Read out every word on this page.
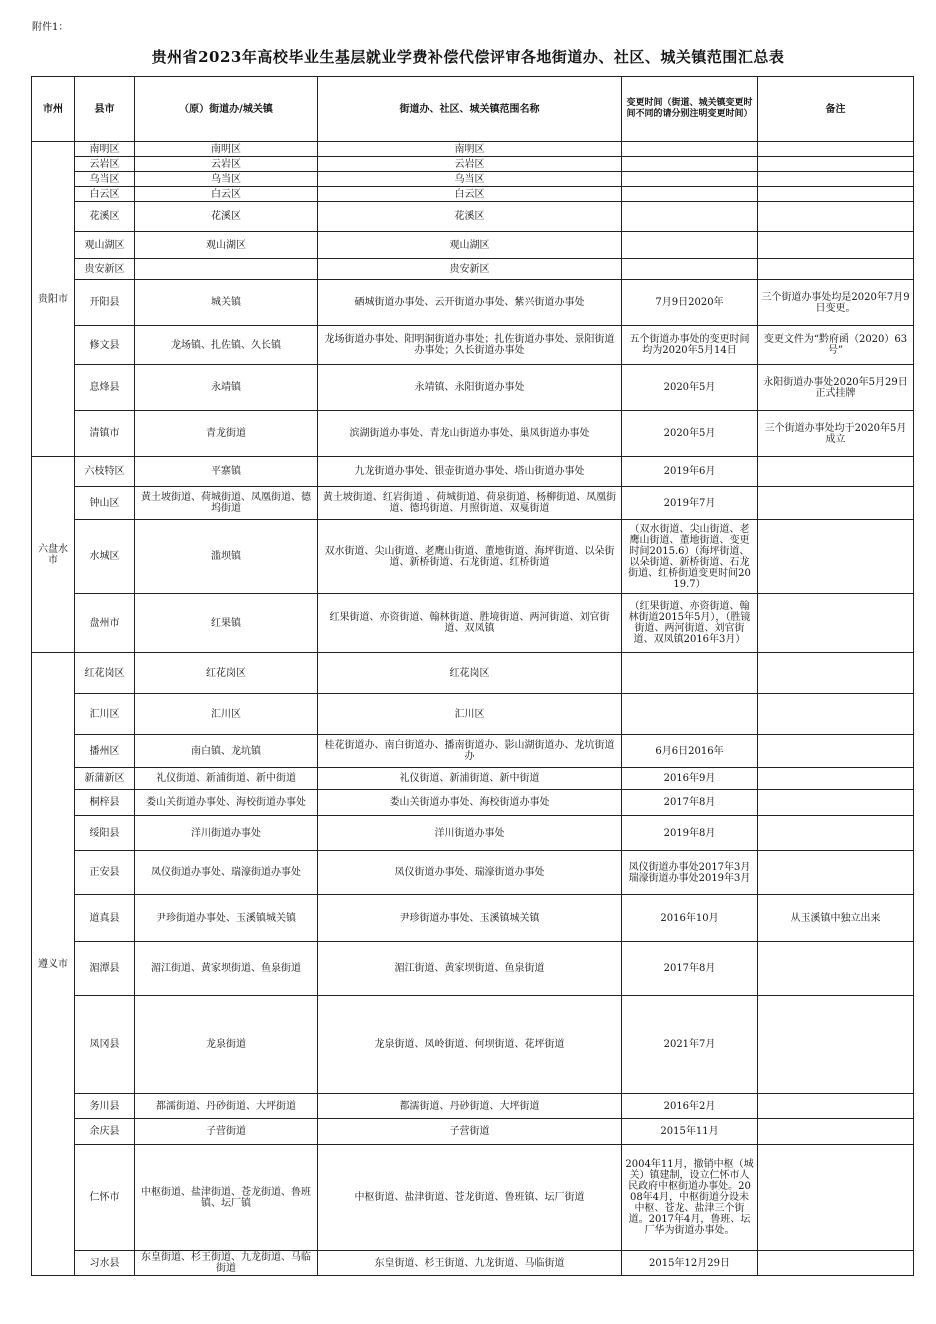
附件1：
贵州省2023年高校毕业生基层就业学费补偿代偿评审各地街道办、社区、城关镇范围汇总表
市州	县市	（原）街道办/城关镇	街道办、社区、城关镇范围名称	变更时间（街道、城关镇变更时间不同的请分别注明变更时间）	备注
贵阳市	南明区	南明区	南明区		
	云岩区	云岩区	云岩区		
	乌当区	乌当区	乌当区		
	白云区	白云区	白云区		
	花溪区	花溪区	花溪区		
	观山湖区	观山湖区	观山湖区		
	贵安新区		贵安新区		
	开阳县	城关镇	硒城街道办事处、云开街道办事处、紫兴街道办事处	7月9日2020年	三个街道办事处均是2020年7月9日变更。
	修文县	龙场镇、扎佐镇、久长镇	龙场街道办事处、阳明洞街道办事处；扎佐街道办事处、景阳街道办事处；久长街道办事处	五个街道办事处的变更时间均为2020年5月14日	变更文件为“黔府函（2020）63号”
	息烽县	永靖镇	永靖镇、永阳街道办事处	2020年5月	永阳街道办事处2020年5月29日正式挂牌
	清镇市	青龙街道	滨湖街道办事处、青龙山街道办事处、巢凤街道办事处	2020年5月	三个街道办事处均于2020年5月成立
六盘水市	六枝特区	平寨镇	九龙街道办事处、银壶街道办事处、塔山街道办事处	2019年6月	
	钟山区	黄土坡街道、荷城街道、凤凰街道、德坞街道	黄土坡街道、红岩街道 、荷城街道、荷泉街道、杨柳街道、凤凰街道、德坞街道、月照街道、双戛街道	2019年7月	
	水城区	滥坝镇	双水街道、尖山街道、老鹰山街道、董地街道、海坪街道、以朵街道、新桥街道、石龙街道、红桥街道	（双水街道、尖山街道、老鹰山街道、董地街道、变更时间2015.6）（海坪街道、以朵街道、新桥街道、石龙街道、红桥街道变更时间2019.7）	
	盘州市	红果镇	红果街道、亦资街道、翰林街道、胜境街道、两河街道、刘官街道、双凤镇	（红果街道、亦资街道、翰林街道2015年5月），（胜镜街道、两河街道、刘官街道、双凤镇2016年3月）	
遵义市	红花岗区	红花岗区	红花岗区		
	汇川区	汇川区	汇川区		
	播州区	南白镇、龙坑镇	桂花街道办、南白街道办、播南街道办、影山湖街道办、龙坑街道办	6月6日2016年	
	新蒲新区	礼仪街道、新浦街道、新中街道	礼仪街道、新浦街道、新中街道	2016年9月	
	桐梓县	娄山关街道办事处、海校街道办事处	娄山关街道办事处、海校街道办事处	2017年8月	
	绥阳县	洋川街道办事处	洋川街道办事处	2019年8月	
	正安县	凤仪街道办事处、瑞濠街道办事处	凤仪街道办事处、瑞濠街道办事处	凤仪街道办事处2017年3月瑞濠街道办事处2019年3月	
	道真县	尹珍街道办事处、玉溪镇城关镇	尹珍街道办事处、玉溪镇城关镇	2016年10月	从玉溪镇中独立出来
	湄潭县	湄江街道、黄家坝街道、鱼泉街道	湄江街道、黄家坝街道、鱼泉街道	2017年8月	
	凤冈县	龙泉街道	龙泉街道、凤岭街道、何坝街道、花坪街道	2021年7月	
	务川县	都濡街道、丹砂街道、大坪街道	都濡街道、丹砂街道、大坪街道	2016年2月	
	余庆县	子营街道	子营街道	2015年11月	
	仁怀市	中枢街道、盐津街道、苍龙街道、鲁班镇、坛厂镇	中枢街道、盐津街道、苍龙街道、鲁班镇、坛厂街道	2004年11月，撤销中枢（城关）镇建制，设立仁怀市人民政府中枢街道办事处。2008年4月，中枢街道分设未中枢、苍龙、盐津三个街道。2017年4月，鲁班、坛厂华为街道办事处。	
	习水县	东皇街道、杉王街道、九龙街道、马临街道	东皇街道、杉王街道、九龙街道、马临街道	2015年12月29日	
